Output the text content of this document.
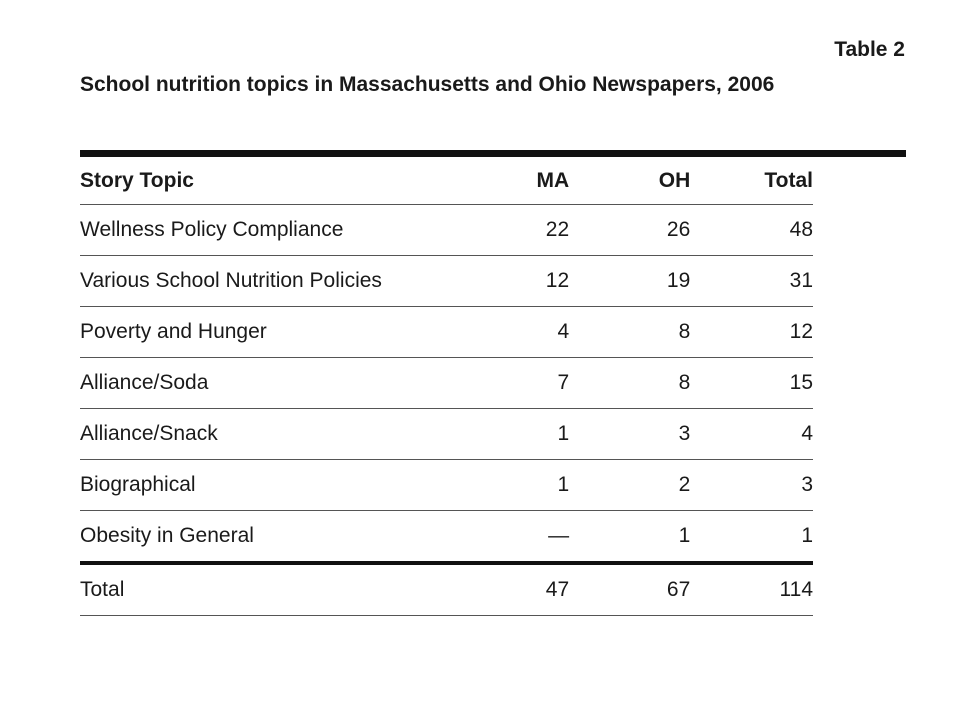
Table 2
School nutrition topics in Massachusetts and Ohio Newspapers, 2006
Story Topic	MA	OH	Total
Wellness Policy Compliance	22	26	48
Various School Nutrition Policies	12	19	31
Poverty and Hunger	4	8	12
Alliance/Soda	7	8	15
Alliance/Snack	1	3	4
Biographical	1	2	3
Obesity in General	—	1	1
Total	47	67	114
